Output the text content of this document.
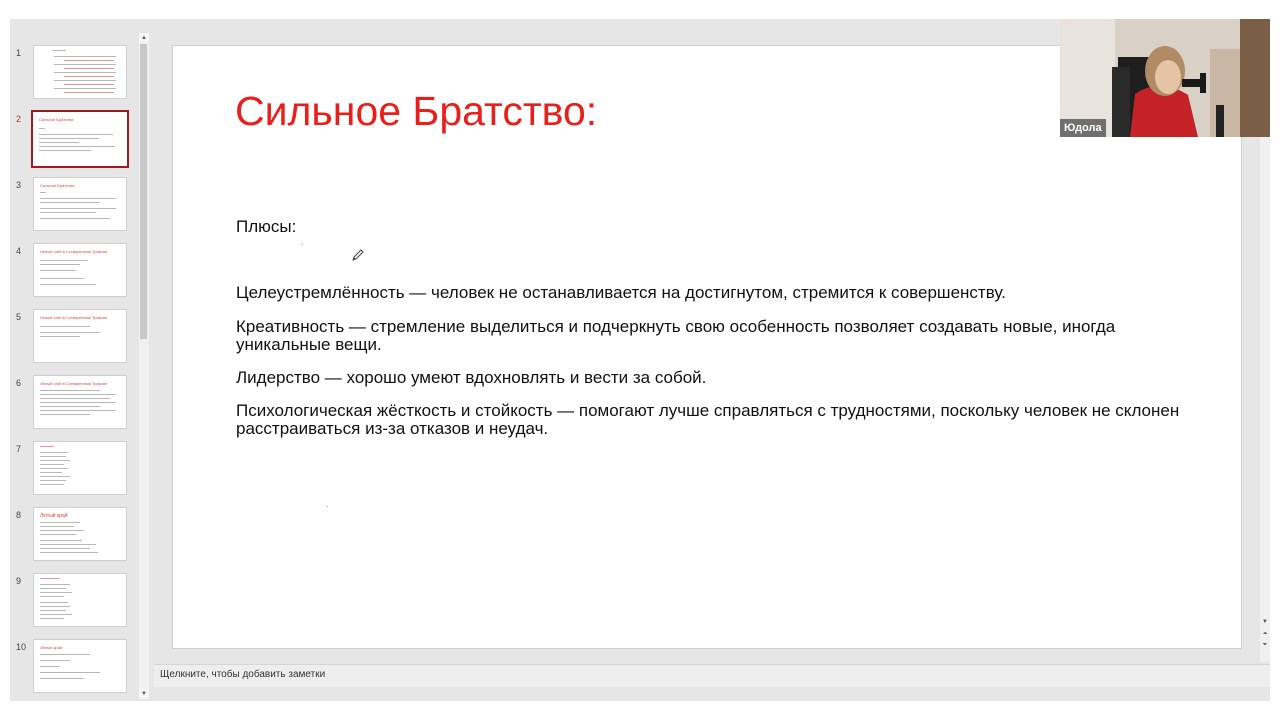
1
2	Сильное Братство:
3	Сильное Братство:
4	Лютый сгиб в Сотворенном Триконе
5	Лютый сгиб в Сотворенном Триконе
6	Лютый сгиб в Сотворенном Триконе
7
8	Лютый край
9
10	Лютый край
▲
▼
Сильное Братство:
Плюсы:
Целеустремлённость — человек не останавливается на достигнутом, стремится к совершенству.
Креативность — стремление выделиться и подчеркнуть свою особенность позволяет создавать новые, иногда уникальные вещи.
Лидерство — хорошо умеют вдохновлять и вести за собой.
Психологическая жёсткость и стойкость — помогают лучше справляться с трудностями, поскольку человек не склонен расстраиваться из-за отказов и неудач.
▼
⏶
⏷
Щелкните, чтобы добавить заметки
Юдола
